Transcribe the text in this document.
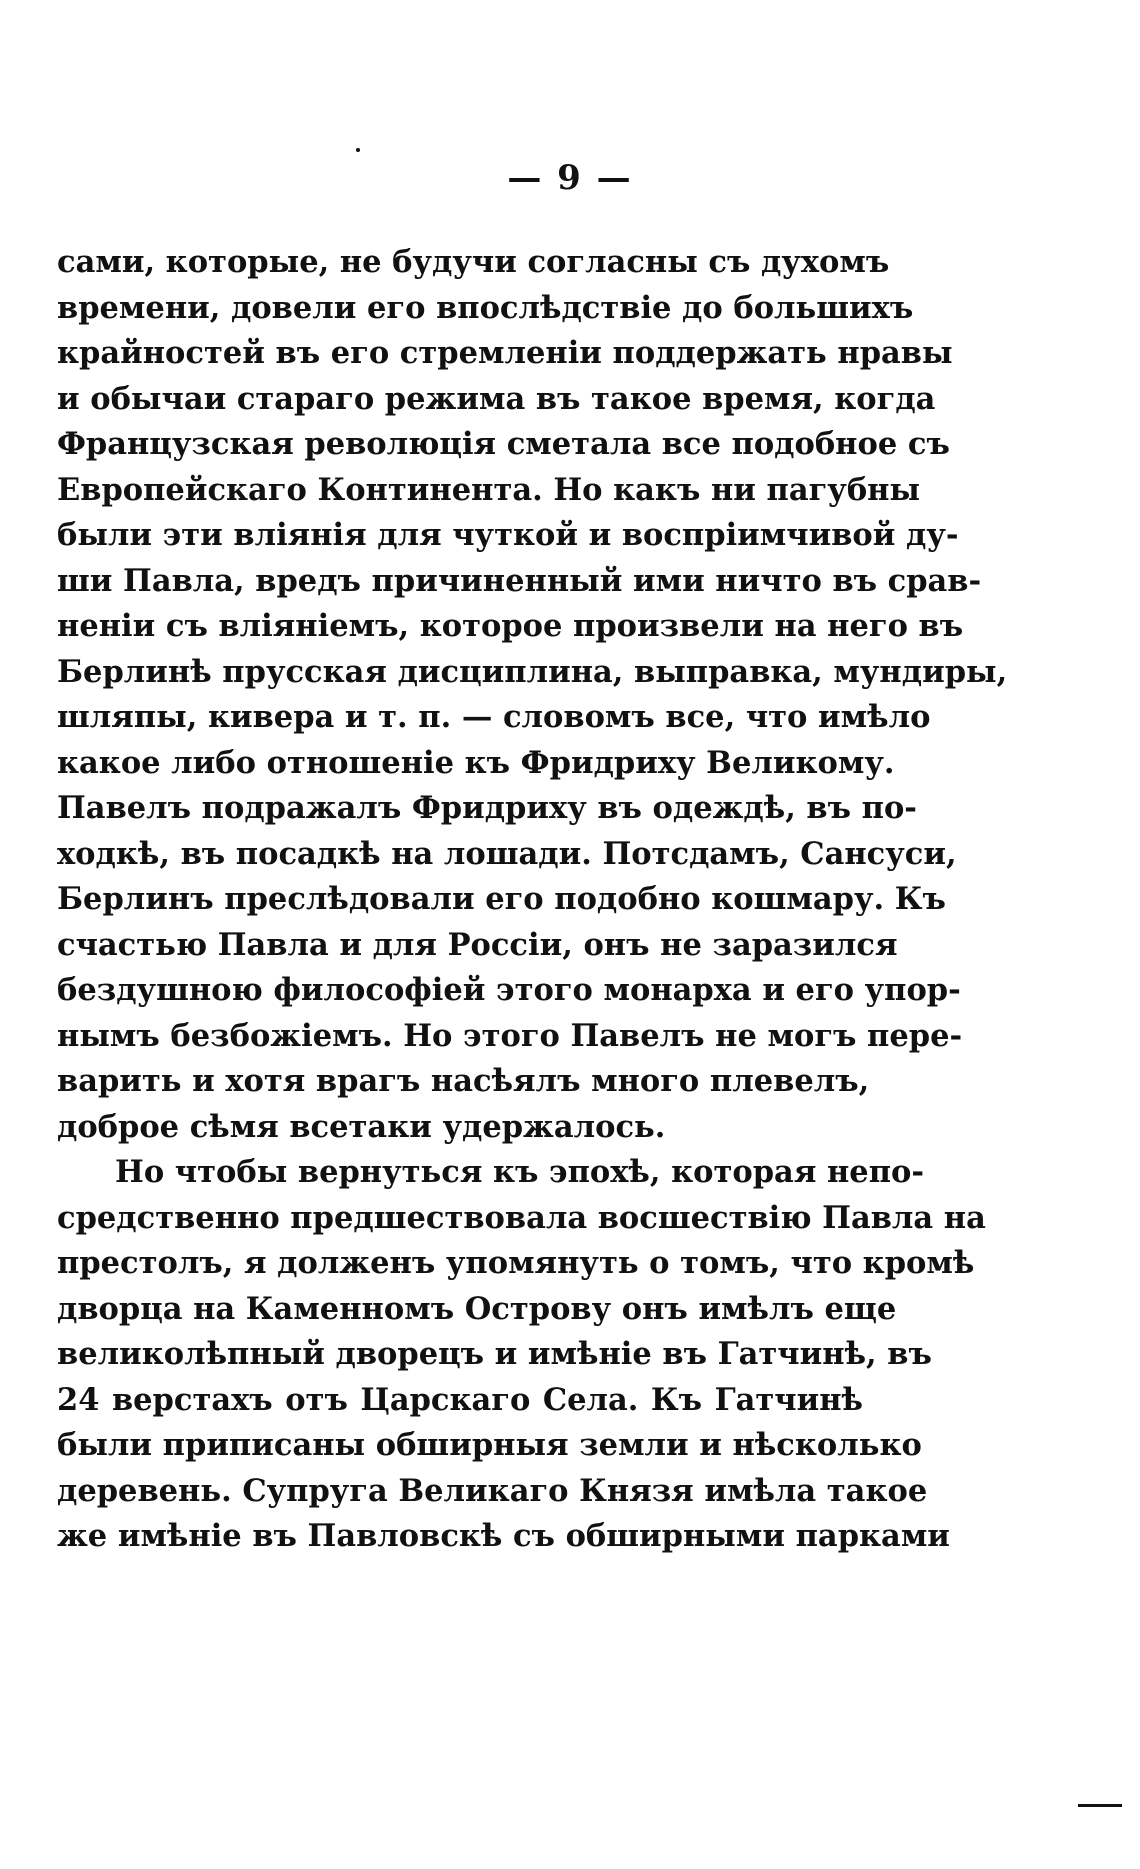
— 9 —
сами, которые, не будучи согласны съ духомъ
времени, довели его впослѣдствіе до большихъ
крайностей въ его стремленіи поддержать нравы
и обычаи стараго режима въ такое время, когда
Французская революція сметала все подобное съ
Европейскаго Континента. Но какъ ни пагубны
были эти вліянія для чуткой и воспріимчивой ду-
ши Павла, вредъ причиненный ими ничто въ срав-
неніи съ вліяніемъ, которое произвели на него въ
Берлинѣ прусская дисциплина, выправка, мундиры,
шляпы, кивера и т. п. — словомъ все, что имѣло
какое либо отношеніе къ Фридриху Великому.
Павелъ подражалъ Фридриху въ одеждѣ, въ по-
ходкѣ, въ посадкѣ на лошади. Потсдамъ, Сансуси,
Берлинъ преслѣдовали его подобно кошмару. Къ
счастью Павла и для Россіи, онъ не заразился
бездушною философіей этого монарха и его упор-
нымъ безбожіемъ. Но этого Павелъ не могъ пере-
варить и хотя врагъ насѣялъ много плевелъ,
доброе сѣмя всетаки удержалось.
Но чтобы вернуться къ эпохѣ, которая непо-
средственно предшествовала восшествію Павла на
престолъ, я долженъ упомянуть о томъ, что кромѣ
дворца на Каменномъ Острову онъ имѣлъ еще
великолѣпный дворецъ и имѣніе въ Гатчинѣ, въ
24 верстахъ отъ Царскаго Села. Къ Гатчинѣ
были приписаны обширныя земли и нѣсколько
деревень. Супруга Великаго Князя имѣла такое
же имѣніе въ Павловскѣ съ обширными парками
